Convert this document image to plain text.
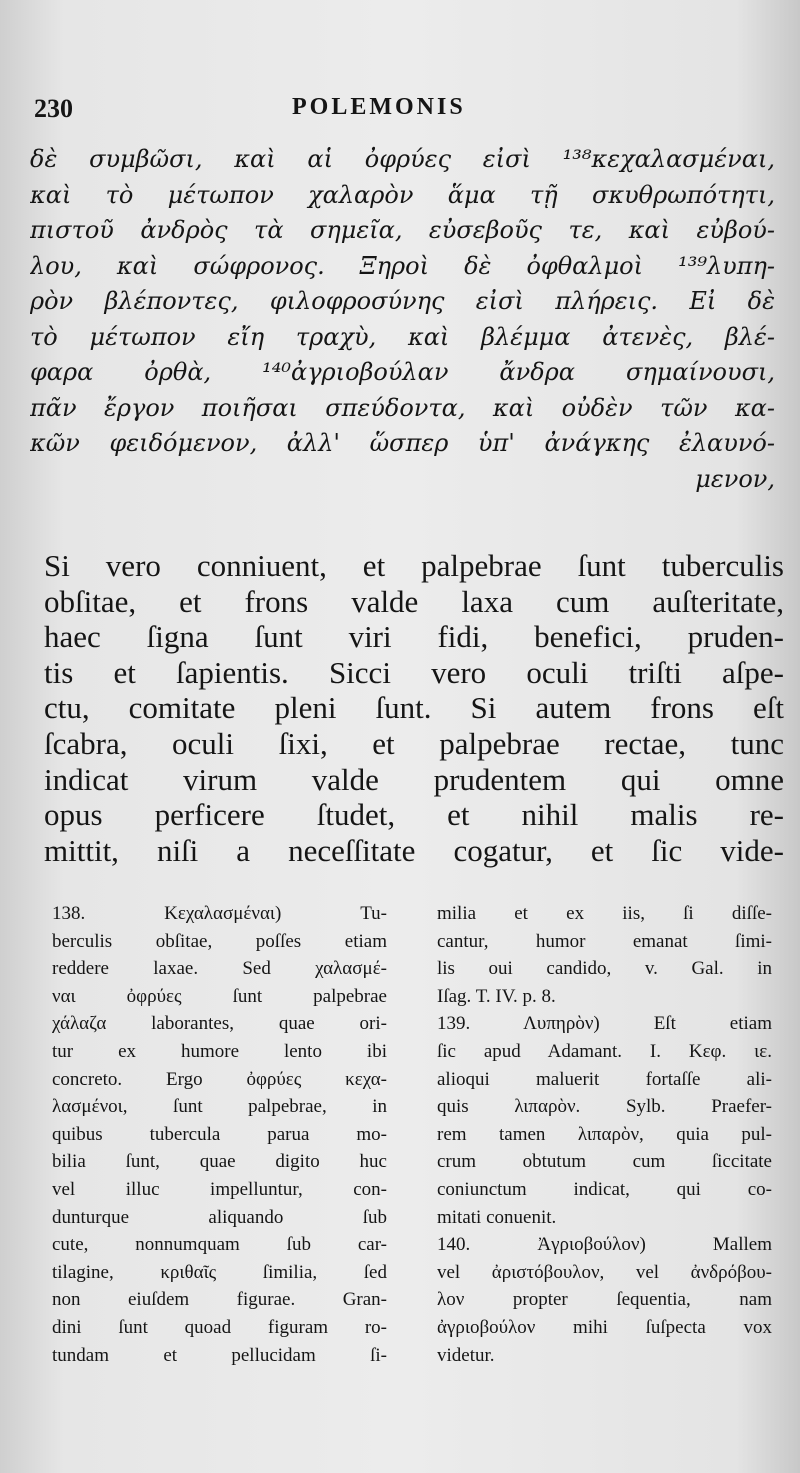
230	POLEMONIS
δὲ συμβῶσι, καὶ αἱ ὀφρύες εἰσὶ ¹³⁸κεχαλασμέναι,
καὶ τὸ μέτωπον χαλαρὸν ἅμα τῇ σκυθρωπότητι,
πιστοῦ ἀνδρὸς τὰ σημεῖα, εὐσεβοῦς τε, καὶ εὐβού-
λου, καὶ σώφρονος. Ξηροὶ δὲ ὀφθαλμοὶ ¹³⁹λυπη-
ρὸν βλέποντες, φιλοφροσύνης εἰσὶ πλήρεις. Εἰ δὲ
τὸ μέτωπον εἴη τραχὺ, καὶ βλέμμα ἀτενὲς, βλέ-
φαρα ὀρθὰ, ¹⁴⁰ἀγριοβούλαν ἄνδρα σημαίνουσι,
πᾶν ἔργον ποιῆσαι σπεύδοντα, καὶ οὐδὲν τῶν κα-
κῶν φειδόμενον, ἀλλ' ὥσπερ ὑπ' ἀνάγκης ἐλαυνό-
μενον,
Si vero conniuent, et palpebrae ſunt tuberculis
obſitae, et frons valde laxa cum auſteritate,
haec ſigna ſunt viri fidi, benefici, pruden-
tis et ſapientis. Sicci vero oculi triſti aſpe-
ctu, comitate pleni ſunt. Si autem frons eſt
ſcabra, oculi ſixi, et palpebrae rectae, tunc
indicat virum valde prudentem qui omne
opus perficere ſtudet, et nihil malis re-
mittit, niſi a neceſſitate cogatur, et ſic vide-
138. Κεχαλασμέναι) Tu-
berculis obſitae, poſſes etiam
reddere laxae. Sed χαλασμέ-
ναι ὀφρύες ſunt palpebrae
χάλαζα laborantes, quae ori-
tur ex humore lento ibi
concreto. Ergo ὀφρύες κεχα-
λασμένοι, ſunt palpebrae, in
quibus tubercula parua mo-
bilia ſunt, quae digito huc
vel illuc impelluntur, con-
dunturque aliquando ſub
cute, nonnumquam ſub car-
tilagine, κριθαῖς ſimilia, ſed
non eiuſdem figurae. Gran-
dini ſunt quoad figuram ro-
tundam et pellucidam ſi-
milia et ex iis, ſi diſſe-
cantur, humor emanat ſimi-
lis oui candido, v. Gal. in
Iſag. T. IV. p. 8.
139. Λυπηρὸν) Eſt etiam
ſic apud Adamant. I. Κεφ. ιε.
alioqui maluerit fortaſſe ali-
quis λιπαρὸν. Sylb. Praefer-
rem tamen λιπαρὸν, quia pul-
crum obtutum cum ſiccitate
coniunctum indicat, qui co-
mitati conuenit.
140. Ἀγριοβούλον) Mallem
vel ἀριστόβουλον, vel ἀνδρόβου-
λον propter ſequentia, nam
ἀγριοβούλον mihi ſuſpecta vox
videtur.
